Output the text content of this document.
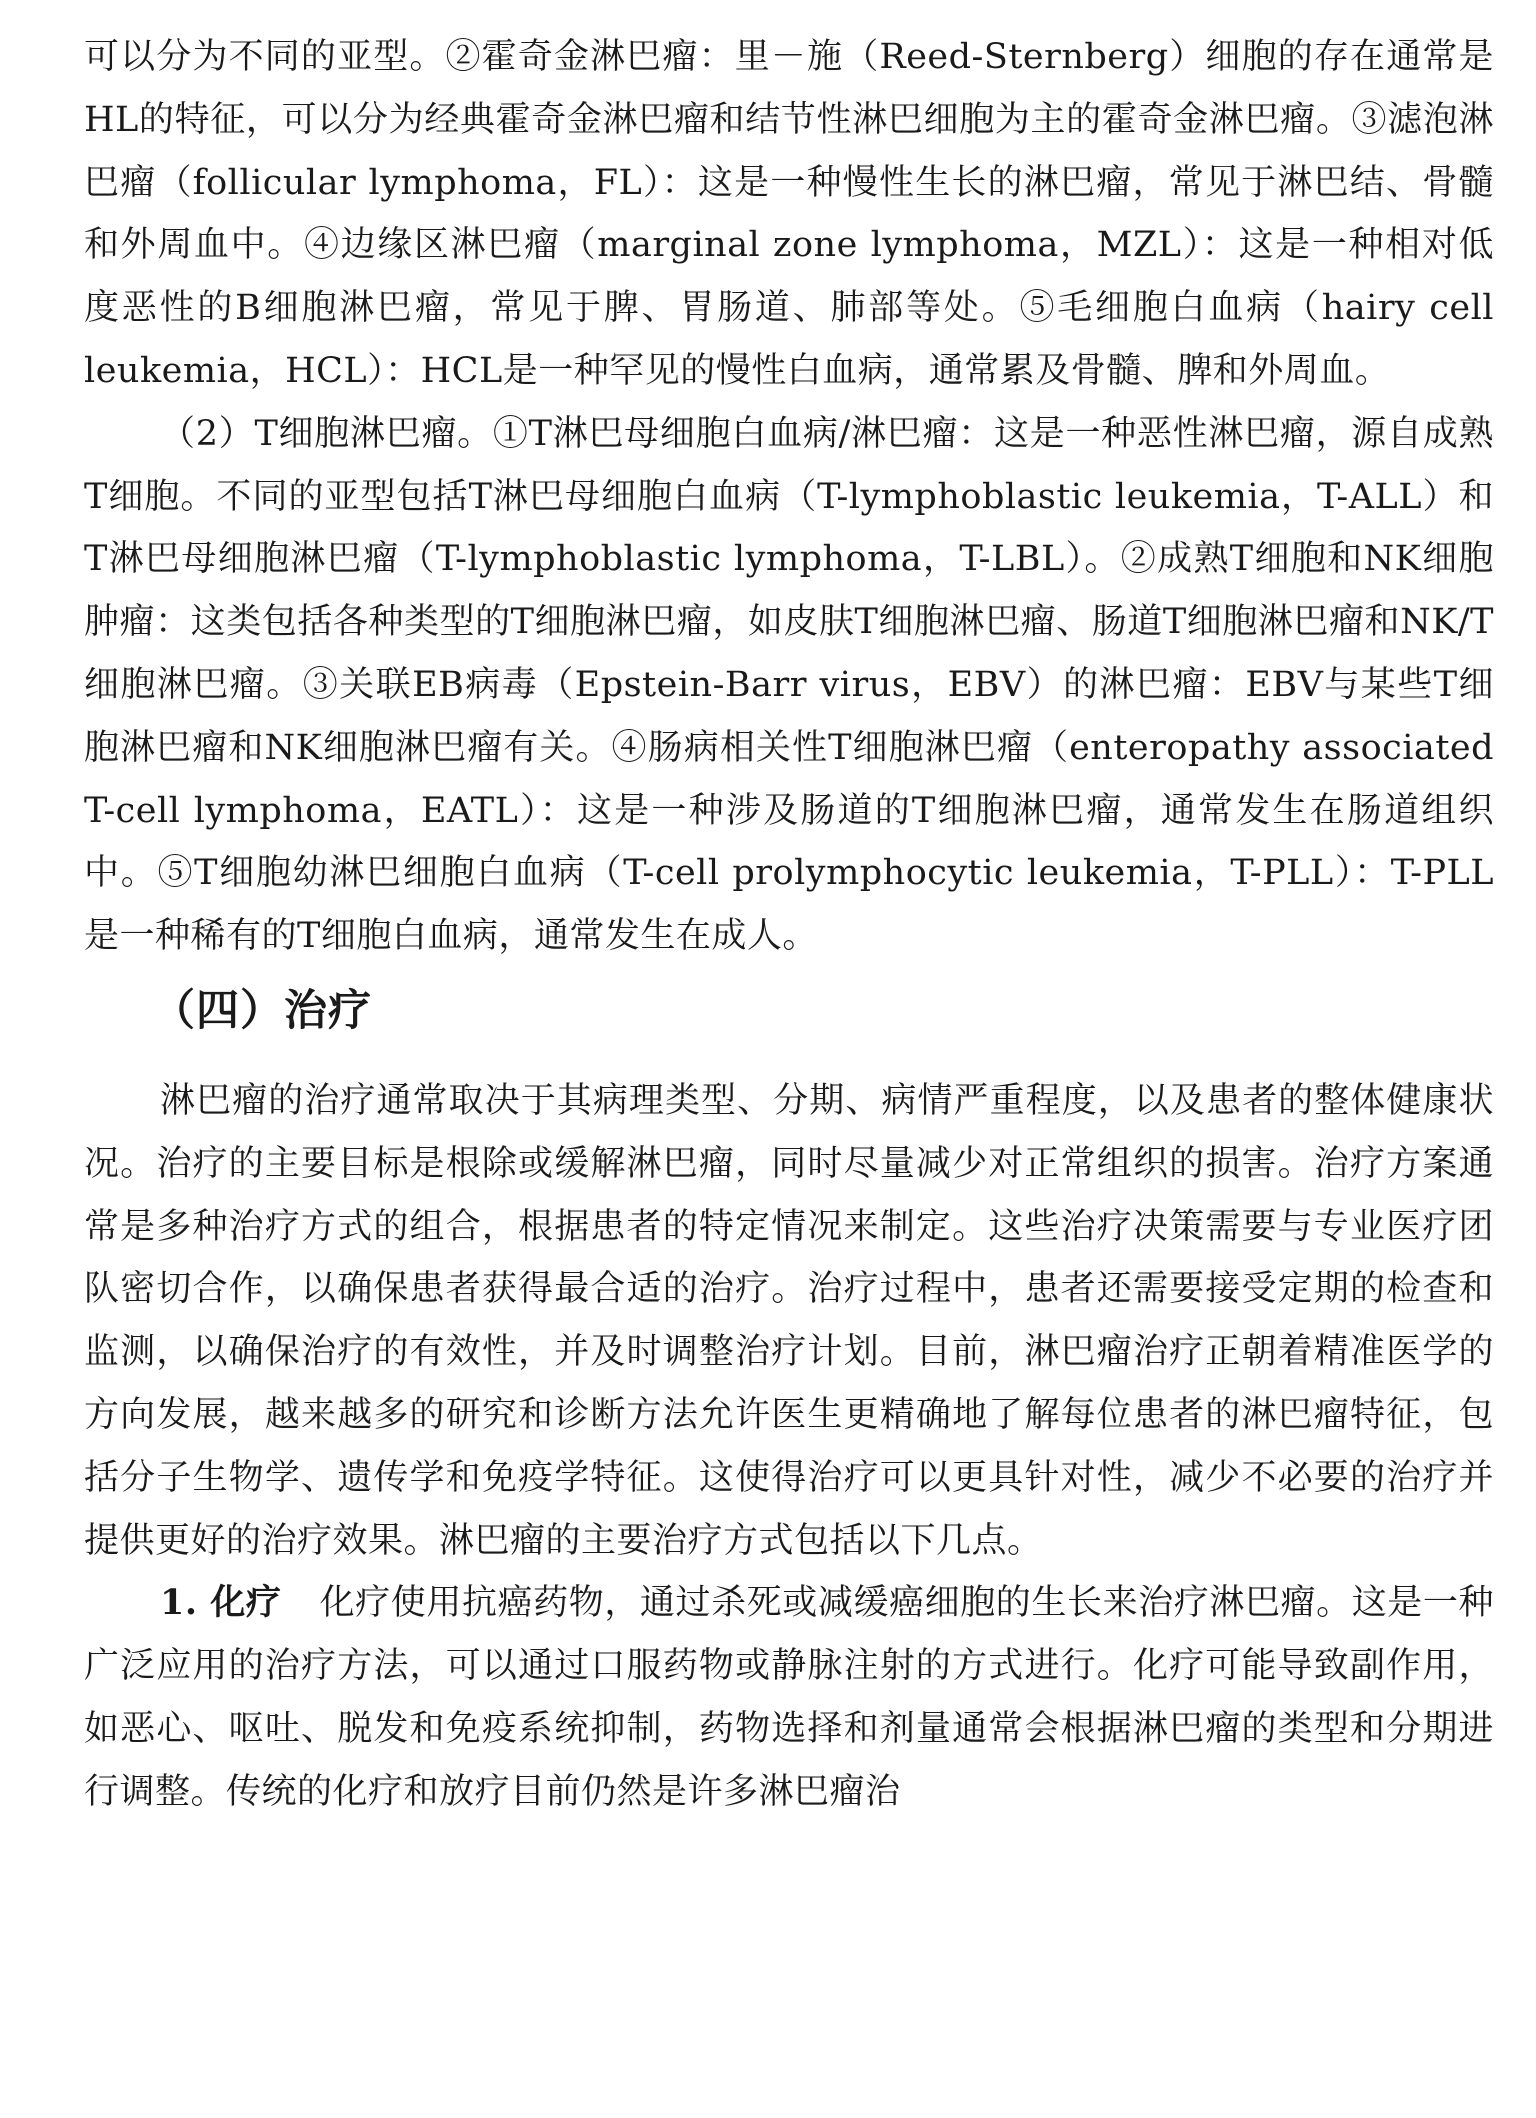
可以分为不同的亚型。②霍奇金淋巴瘤：里－施（Reed-Sternberg）细胞的存在通常是HL的特征，可以分为经典霍奇金淋巴瘤和结节性淋巴细胞为主的霍奇金淋巴瘤。③滤泡淋巴瘤（follicular lymphoma，FL）：这是一种慢性生长的淋巴瘤，常见于淋巴结、骨髓和外周血中。④边缘区淋巴瘤（marginal zone lymphoma，MZL）：这是一种相对低度恶性的B细胞淋巴瘤，常见于脾、胃肠道、肺部等处。⑤毛细胞白血病（hairy cell leukemia，HCL）：HCL是一种罕见的慢性白血病，通常累及骨髓、脾和外周血。

（2）T细胞淋巴瘤。①T淋巴母细胞白血病/淋巴瘤：这是一种恶性淋巴瘤，源自成熟T细胞。不同的亚型包括T淋巴母细胞白血病（T-lymphoblastic leukemia，T-ALL）和T淋巴母细胞淋巴瘤（T-lymphoblastic lymphoma，T-LBL）。②成熟T细胞和NK细胞肿瘤：这类包括各种类型的T细胞淋巴瘤，如皮肤T细胞淋巴瘤、肠道T细胞淋巴瘤和NK/T细胞淋巴瘤。③关联EB病毒（Epstein-Barr virus，EBV）的淋巴瘤：EBV与某些T细胞淋巴瘤和NK细胞淋巴瘤有关。④肠病相关性T细胞淋巴瘤（enteropathy associated T-cell lymphoma，EATL）：这是一种涉及肠道的T细胞淋巴瘤，通常发生在肠道组织中。⑤T细胞幼淋巴细胞白血病（T-cell prolymphocytic leukemia，T-PLL）：T-PLL是一种稀有的T细胞白血病，通常发生在成人。

（四）治疗

淋巴瘤的治疗通常取决于其病理类型、分期、病情严重程度，以及患者的整体健康状况。治疗的主要目标是根除或缓解淋巴瘤，同时尽量减少对正常组织的损害。治疗方案通常是多种治疗方式的组合，根据患者的特定情况来制定。这些治疗决策需要与专业医疗团队密切合作，以确保患者获得最合适的治疗。治疗过程中，患者还需要接受定期的检查和监测，以确保治疗的有效性，并及时调整治疗计划。目前，淋巴瘤治疗正朝着精准医学的方向发展，越来越多的研究和诊断方法允许医生更精确地了解每位患者的淋巴瘤特征，包括分子生物学、遗传学和免疫学特征。这使得治疗可以更具针对性，减少不必要的治疗并提供更好的治疗效果。淋巴瘤的主要治疗方式包括以下几点。

1. 化疗 化疗使用抗癌药物，通过杀死或减缓癌细胞的生长来治疗淋巴瘤。这是一种广泛应用的治疗方法，可以通过口服药物或静脉注射的方式进行。化疗可能导致副作用，如恶心、呕吐、脱发和免疫系统抑制，药物选择和剂量通常会根据淋巴瘤的类型和分期进行调整。传统的化疗和放疗目前仍然是许多淋巴瘤治
